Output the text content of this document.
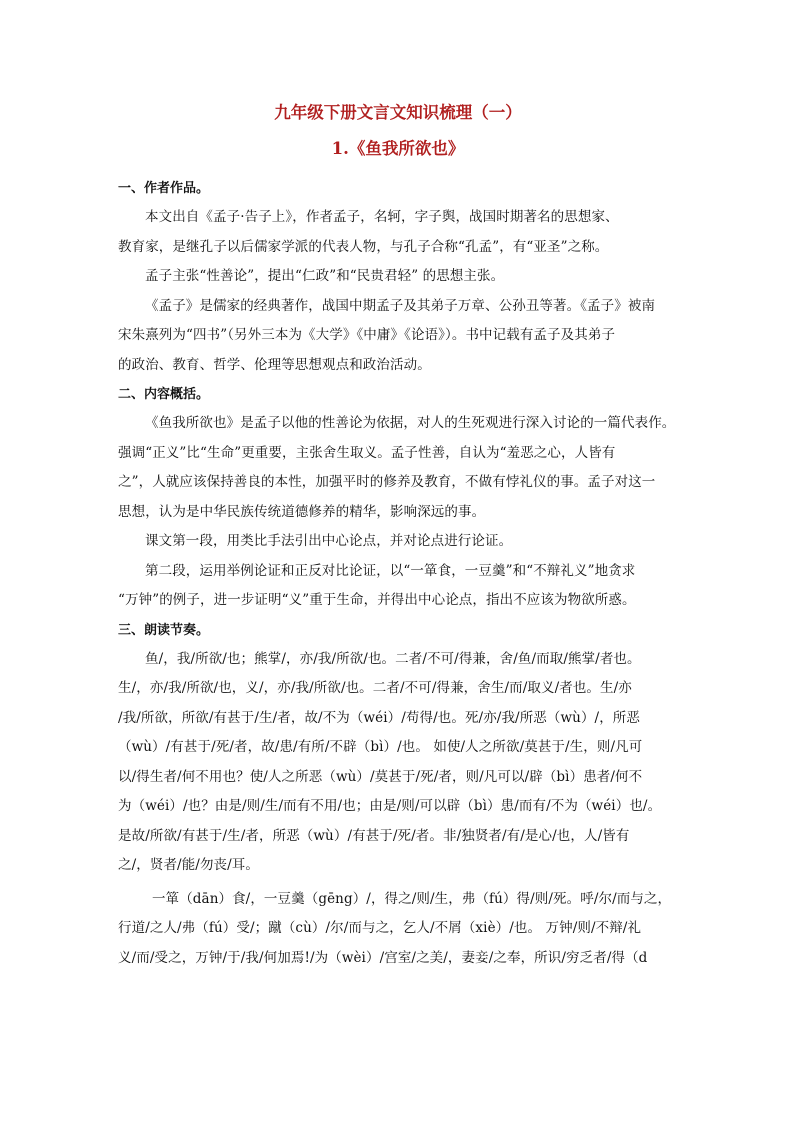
九年级下册文言文知识梳理（一）
1.《鱼我所欲也》

一、作者作品。

本文出自《孟子·告子上》，作者孟子，名轲，字子舆，战国时期著名的思想家、
教育家，是继孔子以后儒家学派的代表人物，与孔子合称“孔孟”，有“亚圣”之称。

孟子主张“性善论”，提出“仁政”和“民贵君轻” 的思想主张。

《孟子》是儒家的经典著作，战国中期孟子及其弟子万章、公孙丑等著。《孟子》被南
宋朱熹列为“四书”（另外三本为《大学》《中庸》《论语》）。书中记载有孟子及其弟子
的政治、教育、哲学、伦理等思想观点和政治活动。

二、内容概括。

《鱼我所欲也》是孟子以他的性善论为依据，对人的生死观进行深入讨论的一篇代表作。
强调“正义”比“生命”更重要，主张舍生取义。孟子性善，自认为“羞恶之心，人皆有
之”，人就应该保持善良的本性，加强平时的修养及教育，不做有悖礼仪的事。孟子对这一
思想，认为是中华民族传统道德修养的精华，影响深远的事。

课文第一段，用类比手法引出中心论点，并对论点进行论证。

第二段，运用举例论证和正反对比论证，以“一箪食，一豆羹”和“不辩礼义”地贪求
“万钟”的例子，进一步证明“义”重于生命，并得出中心论点，指出不应该为物欲所惑。

三、朗读节奏。

鱼/，我/所欲/也；熊掌/，亦/我/所欲/也。二者/不可/得兼，舍/鱼/而取/熊掌/者也。
生/，亦/我/所欲/也，义/，亦/我/所欲/也。二者/不可/得兼，舍生/而/取义/者也。生/亦
/我/所欲，所欲/有甚于/生/者，故/不为（wéi）/苟得/也。死/亦/我/所恶（wù）/，所恶
（wù）/有甚于/死/者，故/患/有所/不辟（bì）/也。 如使/人之所欲/莫甚于/生，则/凡可
以/得生者/何不用也？使/人之所恶（wù）/莫甚于/死/者，则/凡可以/辟（bì）患者/何不
为（wéi）/也？由是/则/生/而有不用/也；由是/则/可以辟（bì）患/而有/不为（wéi）也/。
是故/所欲/有甚于/生/者，所恶（wù）/有甚于/死/者。非/独贤者/有/是心/也，人/皆有
之/，贤者/能/勿丧/耳。

一箪（dān）食/，一豆羹（gēng）/，得之/则/生，弗（fú）得/则/死。呼/尔/而与之，
行道/之人/弗（fú）受/；蹴（cù）/尔/而与之，乞人/不屑（xiè）/也。 万钟/则/不辩/礼
义/而/受之，万钟/于/我/何加焉!/为（wèi）/宫室/之美/，妻妾/之奉，所识/穷乏者/得（d
